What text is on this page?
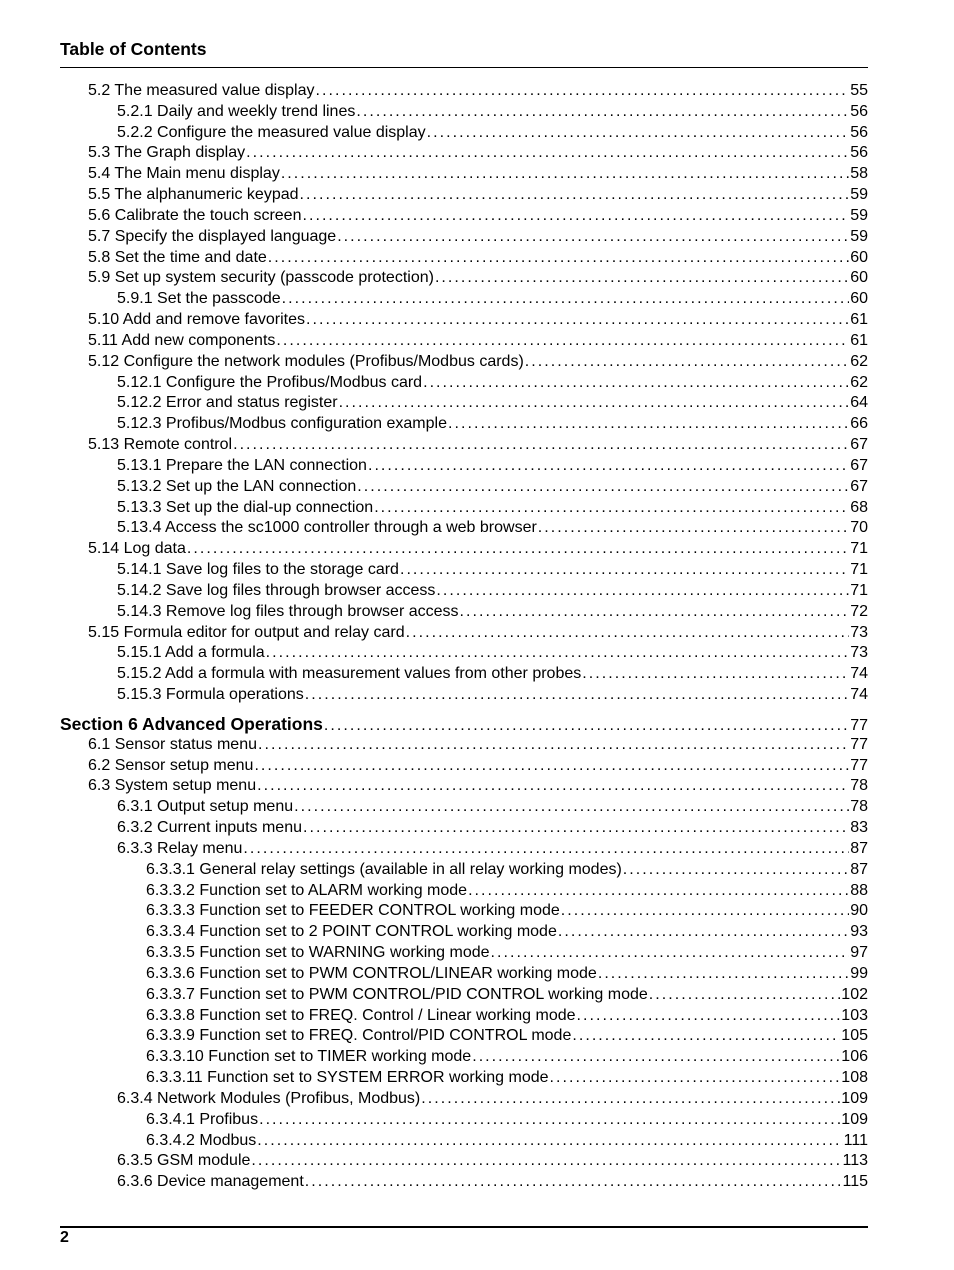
Table of Contents
5.2 The measured value display . . .	55
5.2.1 Daily and weekly trend lines . . .	56
5.2.2 Configure the measured value display . . .	56
5.3 The Graph display . . .	56
5.4 The Main menu display . . .	58
5.5 The alphanumeric keypad . . .	59
5.6 Calibrate the touch screen . . .	59
5.7 Specify the displayed language . . .	59
5.8 Set the time and date . . .	60
5.9 Set up system security (passcode protection) . . .	60
5.9.1 Set the passcode . . .	60
5.10 Add and remove favorites . . .	61
5.11 Add new components . . .	61
5.12 Configure the network modules (Profibus/Modbus cards) . . .	62
5.12.1 Configure the Profibus/Modbus card . . .	62
5.12.2 Error and status register . . .	64
5.12.3 Profibus/Modbus configuration example . . .	66
5.13 Remote control . . .	67
5.13.1 Prepare the LAN connection . . .	67
5.13.2 Set up the LAN connection . . .	67
5.13.3 Set up the dial-up connection . . .	68
5.13.4 Access the sc1000 controller through a web browser . . .	70
5.14 Log data . . .	71
5.14.1 Save log files to the storage card . . .	71
5.14.2 Save log files through browser access . . .	71
5.14.3 Remove log files through browser access . . .	72
5.15 Formula editor for output and relay card . . .	73
5.15.1 Add a formula . . .	73
5.15.2 Add a formula with measurement values from other probes . . .	74
5.15.3 Formula operations . . .	74
Section 6 Advanced Operations . . .	77
6.1 Sensor status menu . . .	77
6.2 Sensor setup menu . . .	77
6.3 System setup menu . . .	78
6.3.1 Output setup menu . . .	78
6.3.2 Current inputs menu . . .	83
6.3.3 Relay menu . . .	87
6.3.3.1 General relay settings (available in all relay working modes) . . .	87
6.3.3.2 Function set to ALARM working mode . . .	88
6.3.3.3 Function set to FEEDER CONTROL working mode . . .	90
6.3.3.4 Function set to 2 POINT CONTROL working mode . . .	93
6.3.3.5 Function set to WARNING working mode . . .	97
6.3.3.6 Function set to PWM CONTROL/LINEAR working mode . . .	99
6.3.3.7 Function set to PWM CONTROL/PID CONTROL working mode . . .	102
6.3.3.8 Function set to FREQ. Control / Linear working mode . . .	103
6.3.3.9 Function set to FREQ. Control/PID CONTROL mode . . .	105
6.3.3.10 Function set to TIMER working mode . . .	106
6.3.3.11 Function set to SYSTEM ERROR working mode . . .	108
6.3.4 Network Modules (Profibus, Modbus) . . .	109
6.3.4.1 Profibus . . .	109
6.3.4.2 Modbus . . .	111
6.3.5 GSM module . . .	113
6.3.6 Device management . . .	115
2
